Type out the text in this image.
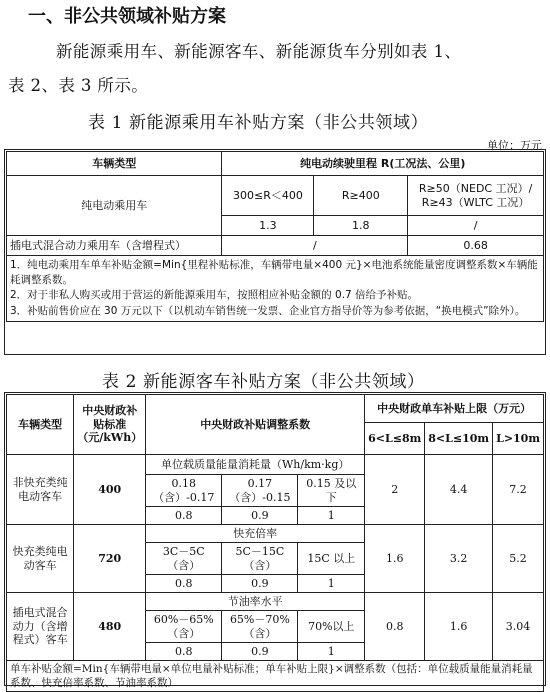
一、非公共领域补贴方案
新能源乘用车、新能源客车、新能源货车分别如表 1、
表 2、表 3 所示。
表 1 新能源乘用车补贴方案（非公共领域）
单位：万元
车辆类型	纯电动续驶里程 R(工况法、公里)		
纯电动乘用车	300≤R＜400	R≥400	R≥50（NEDC 工况）/
R≥43（WLTC 工况）

	1.3	1.8	/
插电式混合动力乘用车（含增程式）	/		0.68

1．纯电动乘用车单车补贴金额=Min{里程补贴标准，车辆带电量×400 元}×电池系统能量密度调整系数×车辆能耗调整系数。
2．对于非私人购买或用于营运的新能源乘用车，按照相应补贴金额的 0.7 倍给予补贴。
3．补贴前售价应在 30 万元以下（以机动车销售统一发票、企业官方指导价等为参考依据，“换电模式”除外）。			
表 2 新能源客车补贴方案（非公共领域）
车辆类型	中央财政补贴标准（元/kWh）	中央财政补贴调整系数			中央财政单车补贴上限（万元）		
					6<L≤8m	8<L≤10m	L>10m
非快充类纯电动客车	400	单位载质量能量消耗量（Wh/km·kg）			2	4.4	7.2
		0.18（含）-0.17	0.17（含）-0.15	0.15 及以下			
		0.8	0.9	1			
快充类纯电动客车	720	快充倍率			1.6	3.2	5.2
		3C－5C（含）	5C－15C（含）	15C 以上			
		0.8	0.9	1			
插电式混合动力（含增程式）客车	480	节油率水平			0.8	1.6	3.04
		60%－65%（含）	65%－70%（含）	70%以上			
		0.8	0.9	1			
单车补贴金额=Min{车辆带电量×单位电量补贴标准；单车补贴上限}×调整系数（包括：单位载质量能量消耗量系数、快充倍率系数、节油率系数）							
